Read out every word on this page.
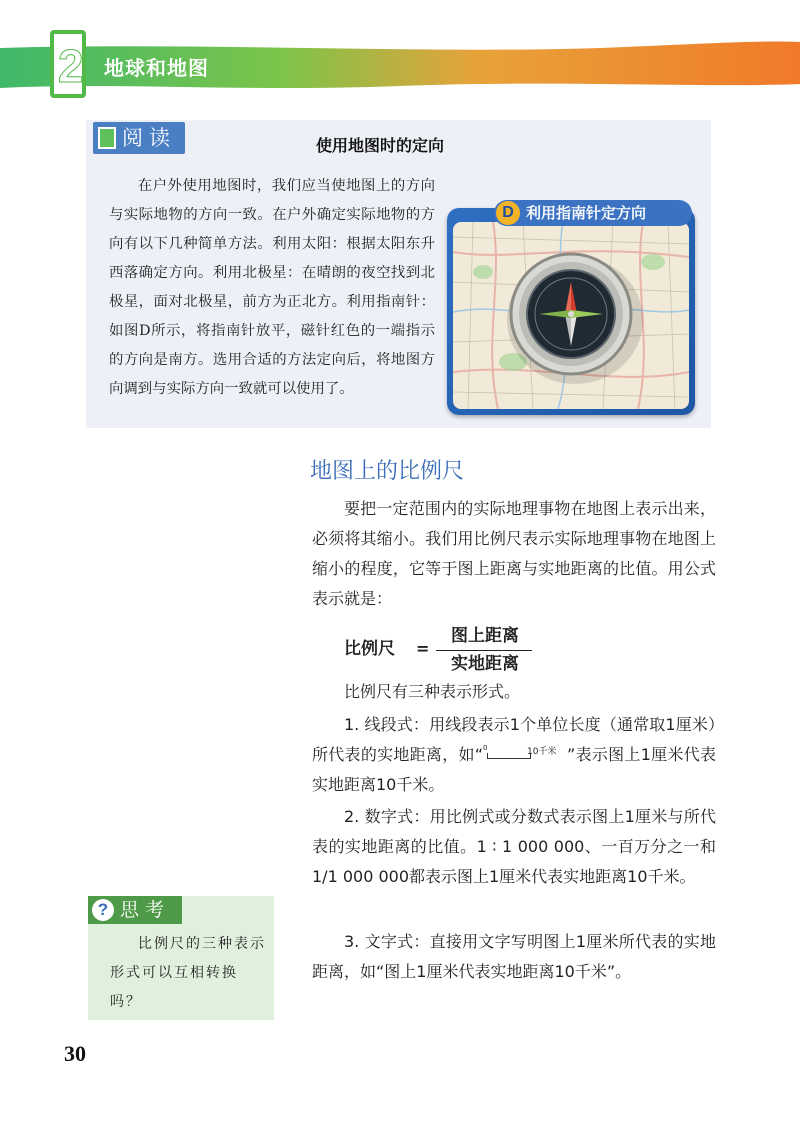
2 地球和地图
阅读	使用地图时的定向

在户外使用地图时，我们应当使地图上的方向与实际地物的方向一致。在户外确定实际地物的方向有以下几种简单方法。利用太阳：根据太阳东升西落确定方向。利用北极星：在晴朗的夜空找到北极星，面对北极星，前方为正北方。利用指南针：如图D所示，将指南针放平，磁针红色的一端指示的方向是南方。选用合适的方法定向后，将地图方向调到与实际方向一致就可以使用了。

D 利用指南针定方向
地图上的比例尺

要把一定范围内的实际地理事物在地图上表示出来，必须将其缩小。我们用比例尺表示实际地理事物在地图上缩小的程度，它等于图上距离与实地距离的比值。用公式表示就是：

比例尺 =
图上距离
实地距离

比例尺有三种表示形式。

1. 线段式：用线段表示1个单位长度（通常取1厘米）所代表的实地距离，如“ 0	10千米 ”表示图上1厘米代表实地距离10千米。

2. 数字式：用比例式或分数式表示图上1厘米与所代表的实地距离的比值。1 ∶ 1 000 000、一百万分之一和1/1 000 000都表示图上1厘米代表实地距离10千米。

3. 文字式：直接用文字写明图上1厘米所代表的实地距离，如“图上1厘米代表实地距离10千米”。

? 思考

比例尺的三种表示形式可以互相转换吗？

30
